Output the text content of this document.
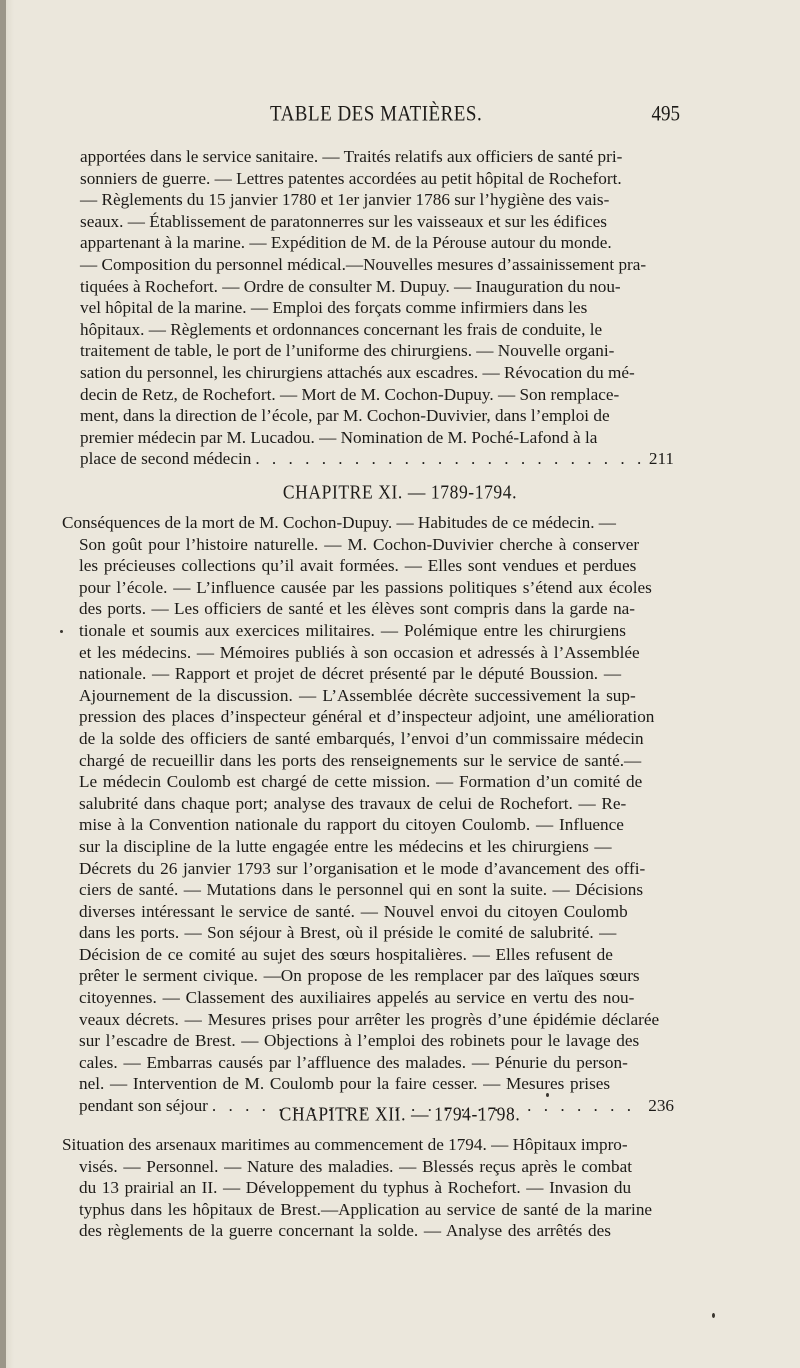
TABLE DES MATIÈRES.	495
apportées dans le service sanitaire. — Traités relatifs aux officiers de santé pri-
sonniers de guerre. — Lettres patentes accordées au petit hôpital de Rochefort.
— Règlements du 15 janvier 1780 et 1er janvier 1786 sur l’hygiène des vais-
seaux. — Établissement de paratonnerres sur les vaisseaux et sur les édifices
appartenant à la marine. — Expédition de M. de la Pérouse autour du monde.
— Composition du personnel médical.—Nouvelles mesures d’assainissement pra-
tiquées à Rochefort. — Ordre de consulter M. Dupuy. — Inauguration du nou-
vel hôpital de la marine. — Emploi des forçats comme infirmiers dans les
hôpitaux. — Règlements et ordonnances concernant les frais de conduite, le
traitement de table, le port de l’uniforme des chirurgiens. — Nouvelle organi-
sation du personnel, les chirurgiens attachés aux escadres. — Révocation du mé-
decin de Retz, de Rochefort. — Mort de M. Cochon-Dupuy. — Son remplace-
ment, dans la direction de l’école, par M. Cochon-Duvivier, dans l’emploi de
premier médecin par M. Lucadou. — Nomination de M. Poché-Lafond à la
place de second médecin . . .	211
CHAPITRE XI. — 1789-1794.
Conséquences de la mort de M. Cochon-Dupuy. — Habitudes de ce médecin. —
Son goût pour l’histoire naturelle. — M. Cochon-Duvivier cherche à conserver
les précieuses collections qu’il avait formées. — Elles sont vendues et perdues
pour l’école. — L’influence causée par les passions politiques s’étend aux écoles
des ports. — Les officiers de santé et les élèves sont compris dans la garde na-
tionale et soumis aux exercices militaires. — Polémique entre les chirurgiens
et les médecins. — Mémoires publiés à son occasion et adressés à l’Assemblée
nationale. — Rapport et projet de décret présenté par le député Boussion. —
Ajournement de la discussion. — L’Assemblée décrète successivement la sup-
pression des places d’inspecteur général et d’inspecteur adjoint, une amélioration
de la solde des officiers de santé embarqués, l’envoi d’un commissaire médecin
chargé de recueillir dans les ports des renseignements sur le service de santé.—
Le médecin Coulomb est chargé de cette mission. — Formation d’un comité de
salubrité dans chaque port; analyse des travaux de celui de Rochefort. — Re-
mise à la Convention nationale du rapport du citoyen Coulomb. — Influence
sur la discipline de la lutte engagée entre les médecins et les chirurgiens —
Décrets du 26 janvier 1793 sur l’organisation et le mode d’avancement des offi-
ciers de santé. — Mutations dans le personnel qui en sont la suite. — Décisions
diverses intéressant le service de santé. — Nouvel envoi du citoyen Coulomb
dans les ports. — Son séjour à Brest, où il préside le comité de salubrité. —
Décision de ce comité au sujet des sœurs hospitalières. — Elles refusent de
prêter le serment civique. —On propose de les remplacer par des laïques sœurs
citoyennes. — Classement des auxiliaires appelés au service en vertu des nou-
veaux décrets. — Mesures prises pour arrêter les progrès d’une épidémie déclarée
sur l’escadre de Brest. — Objections à l’emploi des robinets pour le lavage des
cales. — Embarras causés par l’affluence des malades. — Pénurie du person-
nel. — Intervention de M. Coulomb pour la faire cesser. — Mesures prises
pendant son séjour . . .	236
CHAPITRE XII. — 1794-1798.
Situation des arsenaux maritimes au commencement de 1794. — Hôpitaux impro-
visés. — Personnel. — Nature des maladies. — Blessés reçus après le combat
du 13 prairial an II. — Développement du typhus à Rochefort. — Invasion du
typhus dans les hôpitaux de Brest.—Application au service de santé de la marine
des règlements de la guerre concernant la solde. — Analyse des arrêtés des
